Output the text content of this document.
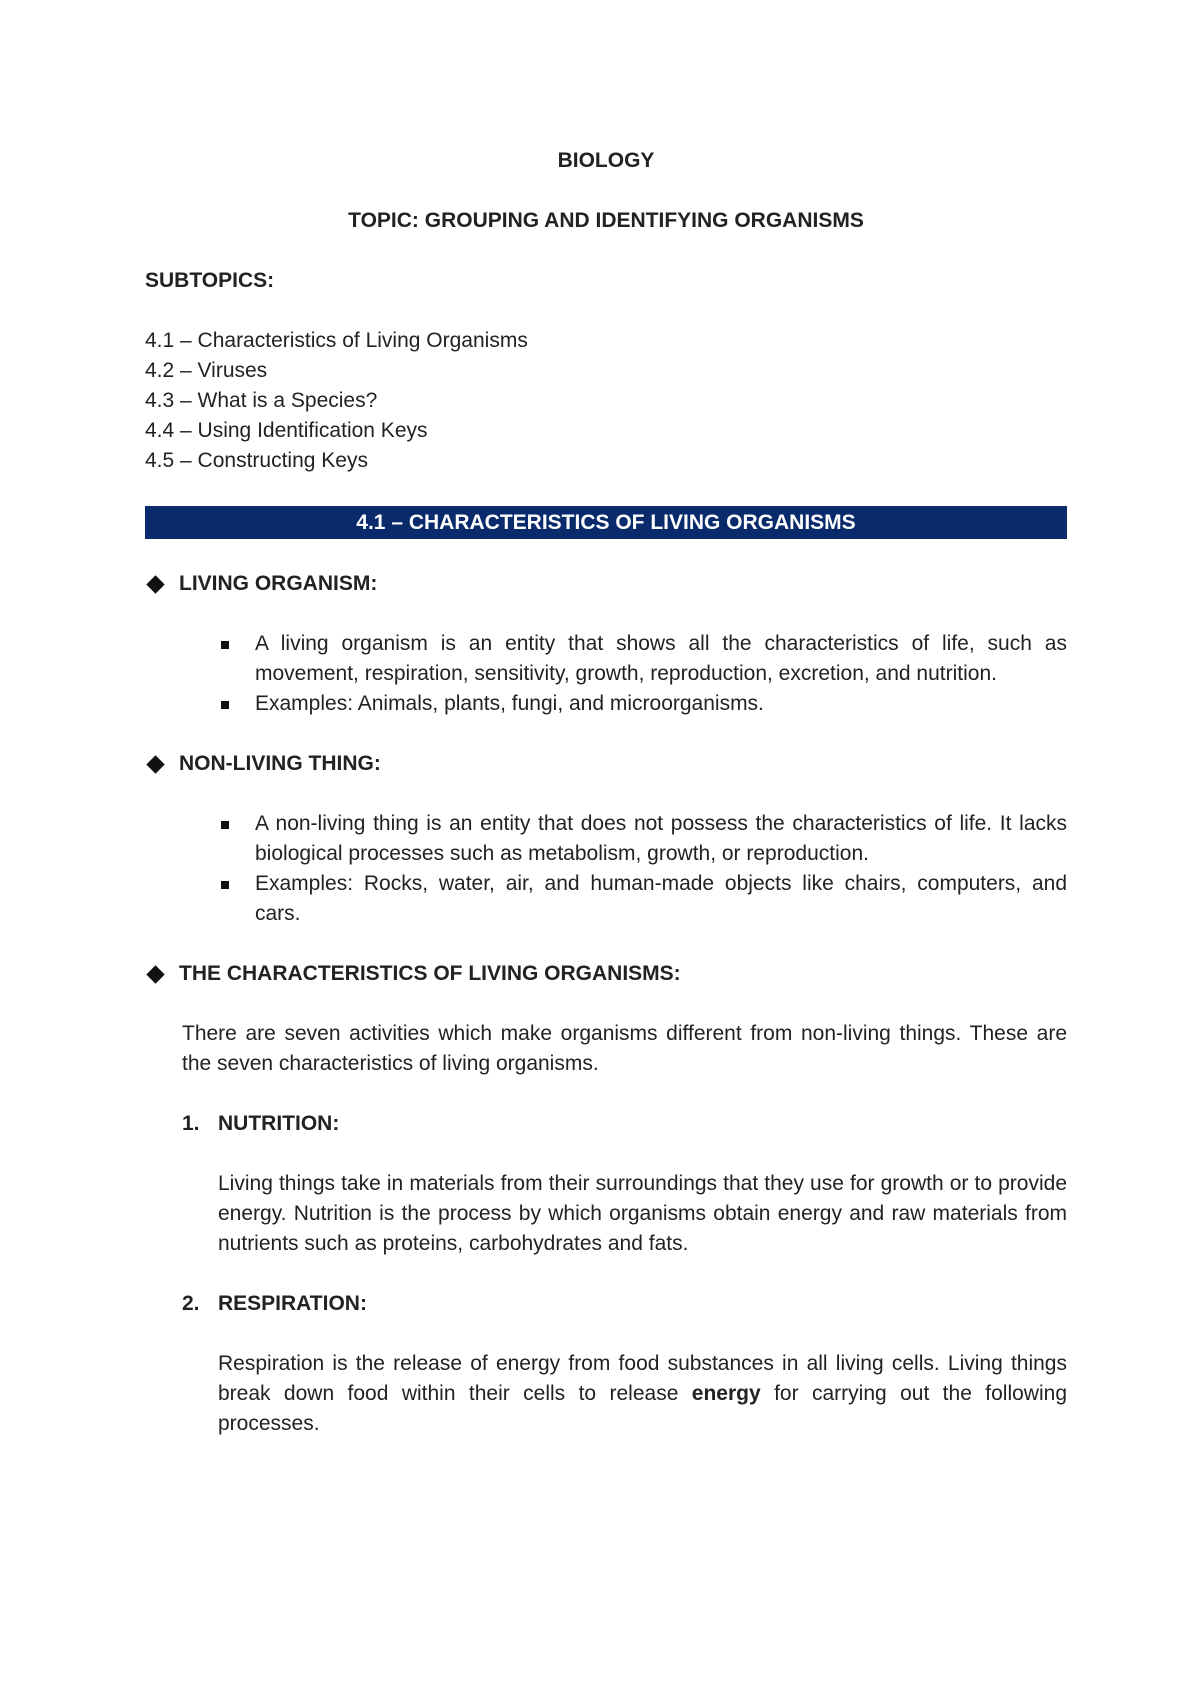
BIOLOGY
TOPIC: GROUPING AND IDENTIFYING ORGANISMS
SUBTOPICS:
4.1 – Characteristics of Living Organisms
4.2 – Viruses
4.3 – What is a Species?
4.4 – Using Identification Keys
4.5 – Constructing Keys
4.1 – CHARACTERISTICS OF LIVING ORGANISMS
LIVING ORGANISM:
A living organism is an entity that shows all the characteristics of life, such as movement, respiration, sensitivity, growth, reproduction, excretion, and nutrition.
Examples: Animals, plants, fungi, and microorganisms.
NON-LIVING THING:
A non-living thing is an entity that does not possess the characteristics of life. It lacks biological processes such as metabolism, growth, or reproduction.
Examples: Rocks, water, air, and human-made objects like chairs, computers, and cars.
THE CHARACTERISTICS OF LIVING ORGANISMS:
There are seven activities which make organisms different from non-living things. These are the seven characteristics of living organisms.
1. NUTRITION:
Living things take in materials from their surroundings that they use for growth or to provide energy. Nutrition is the process by which organisms obtain energy and raw materials from nutrients such as proteins, carbohydrates and fats.
2. RESPIRATION:
Respiration is the release of energy from food substances in all living cells. Living things break down food within their cells to release energy for carrying out the following processes.
